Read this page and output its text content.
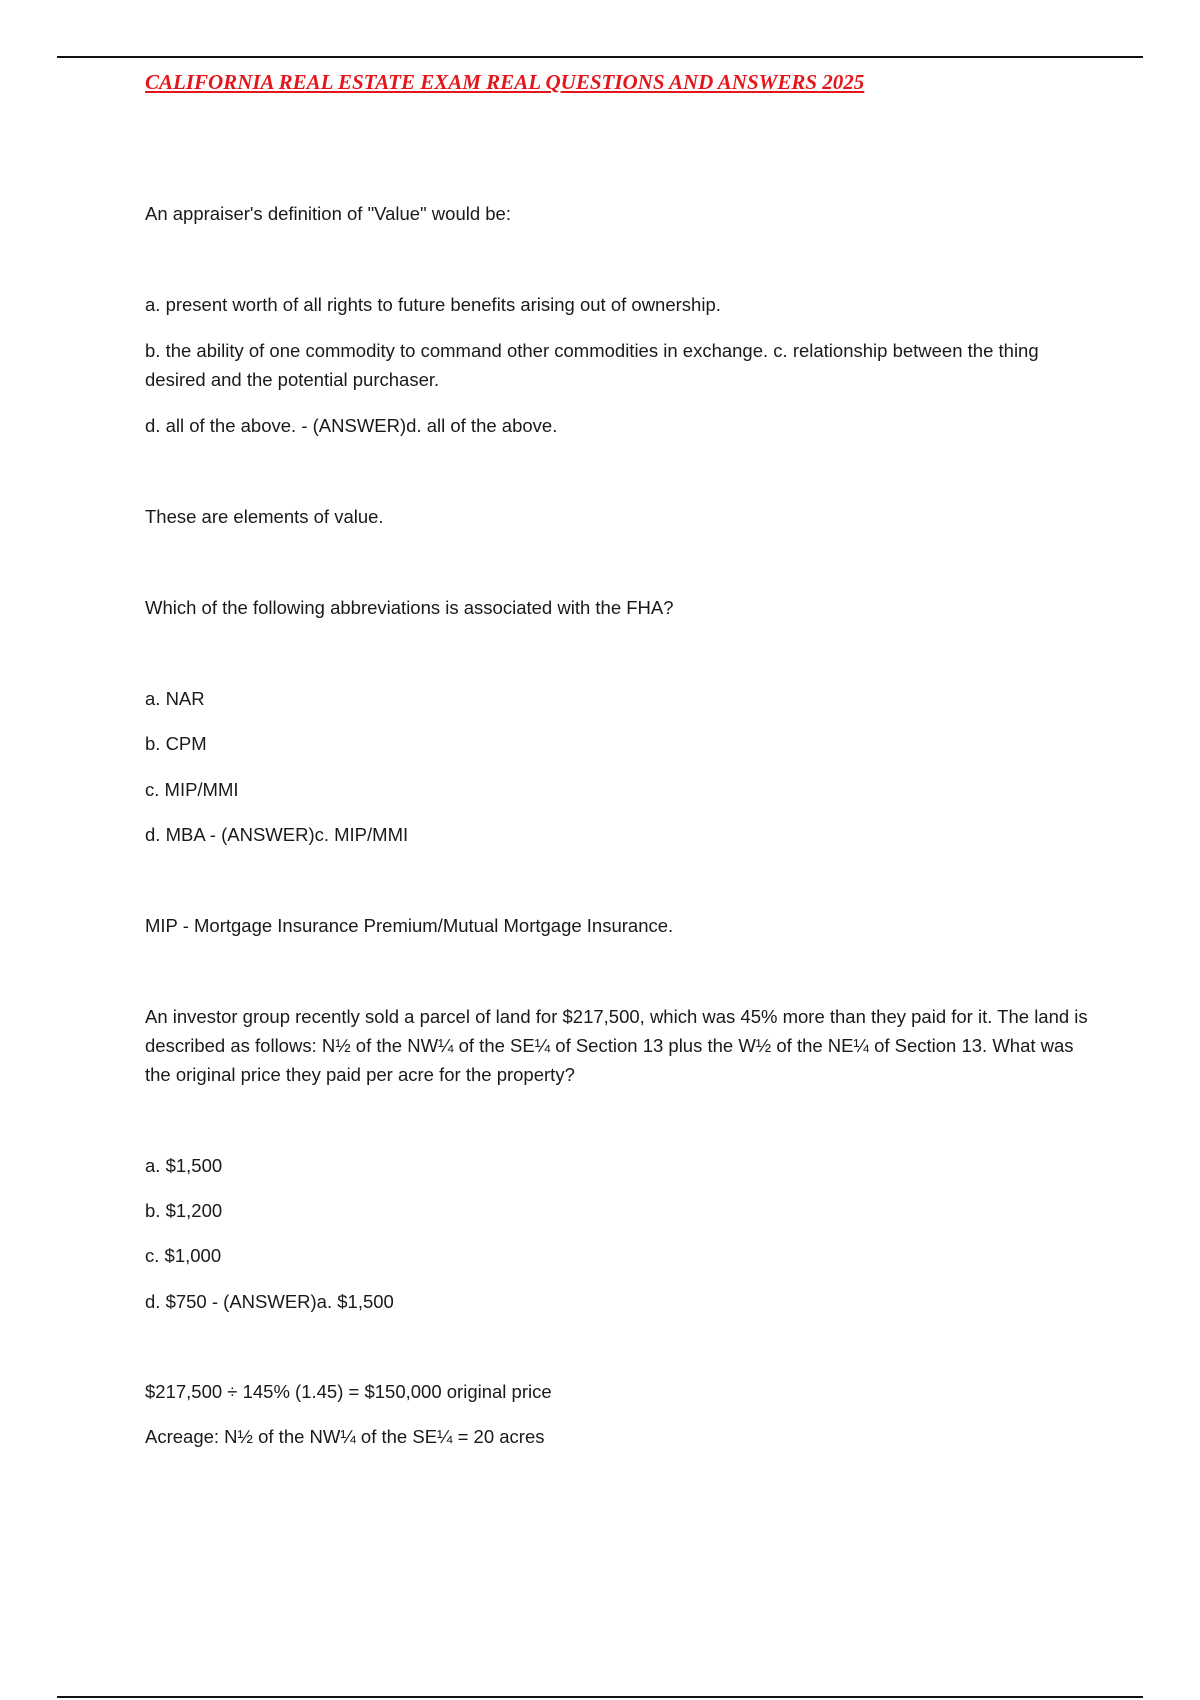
CALIFORNIA REAL ESTATE EXAM REAL QUESTIONS AND ANSWERS 2025

An appraiser's definition of "Value" would be:

a. present worth of all rights to future benefits arising out of ownership.

b. the ability of one commodity to command other commodities in exchange. c. relationship between the thing desired and the potential purchaser.

d. all of the above. - (ANSWER)d. all of the above.

These are elements of value.

Which of the following abbreviations is associated with the FHA?

a. NAR

b. CPM

c. MIP/MMI

d. MBA - (ANSWER)c. MIP/MMI

MIP - Mortgage Insurance Premium/Mutual Mortgage Insurance.

An investor group recently sold a parcel of land for $217,500, which was 45% more than they paid for it. The land is described as follows: N½ of the NW¼ of the SE¼ of Section 13 plus the W½ of the NE¼ of Section 13. What was the original price they paid per acre for the property?

a. $1,500

b. $1,200

c. $1,000

d. $750 - (ANSWER)a. $1,500

$217,500 ÷ 145% (1.45) = $150,000 original price

Acreage: N½ of the NW¼ of the SE¼ = 20 acres
